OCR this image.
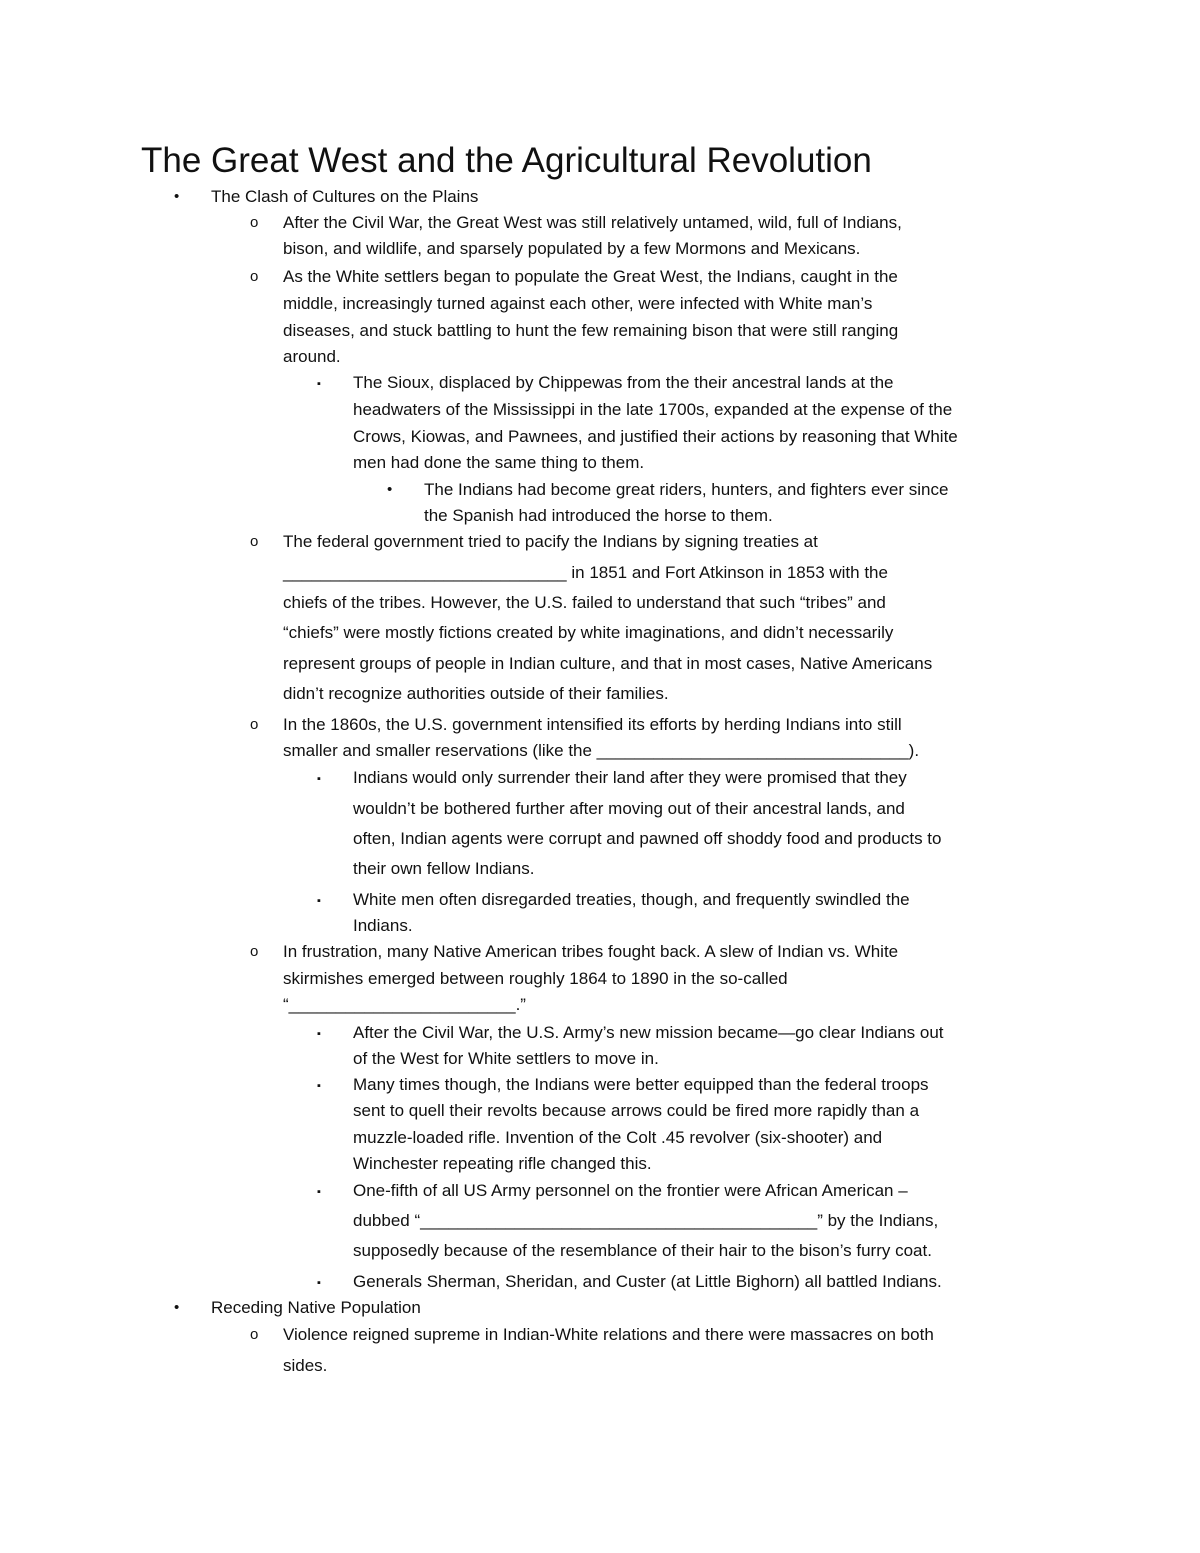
The Great West and the Agricultural Revolution
• The Clash of Cultures on the Plains
o After the Civil War, the Great West was still relatively untamed, wild, full of Indians,
bison, and wildlife, and sparsely populated by a few Mormons and Mexicans.
o As the White settlers began to populate the Great West, the Indians, caught in the
middle, increasingly turned against each other, were infected with White man’s
diseases, and stuck battling to hunt the few remaining bison that were still ranging
around.
▪ The Sioux, displaced by Chippewas from the their ancestral lands at the
headwaters of the Mississippi in the late 1700s, expanded at the expense of the
Crows, Kiowas, and Pawnees, and justified their actions by reasoning that White
men had done the same thing to them.
• The Indians had become great riders, hunters, and fighters ever since
the Spanish had introduced the horse to them.
o The federal government tried to pacify the Indians by signing treaties at
______________________________ in 1851 and Fort Atkinson in 1853 with the
chiefs of the tribes. However, the U.S. failed to understand that such “tribes” and
“chiefs” were mostly fictions created by white imaginations, and didn’t necessarily
represent groups of people in Indian culture, and that in most cases, Native Americans
didn’t recognize authorities outside of their families.
o In the 1860s, the U.S. government intensified its efforts by herding Indians into still
smaller and smaller reservations (like the _________________________________).
▪ Indians would only surrender their land after they were promised that they
wouldn’t be bothered further after moving out of their ancestral lands, and
often, Indian agents were corrupt and pawned off shoddy food and products to
their own fellow Indians.
▪ White men often disregarded treaties, though, and frequently swindled the
Indians.
o In frustration, many Native American tribes fought back. A slew of Indian vs. White
skirmishes emerged between roughly 1864 to 1890 in the so-called
“________________________.”
▪ After the Civil War, the U.S. Army’s new mission became—go clear Indians out
of the West for White settlers to move in.
▪ Many times though, the Indians were better equipped than the federal troops
sent to quell their revolts because arrows could be fired more rapidly than a
muzzle-loaded rifle. Invention of the Colt .45 revolver (six-shooter) and
Winchester repeating rifle changed this.
▪ One-fifth of all US Army personnel on the frontier were African American –
dubbed “__________________________________________” by the Indians,
supposedly because of the resemblance of their hair to the bison’s furry coat.
▪ Generals Sherman, Sheridan, and Custer (at Little Bighorn) all battled Indians.
• Receding Native Population
o Violence reigned supreme in Indian-White relations and there were massacres on both
sides.
